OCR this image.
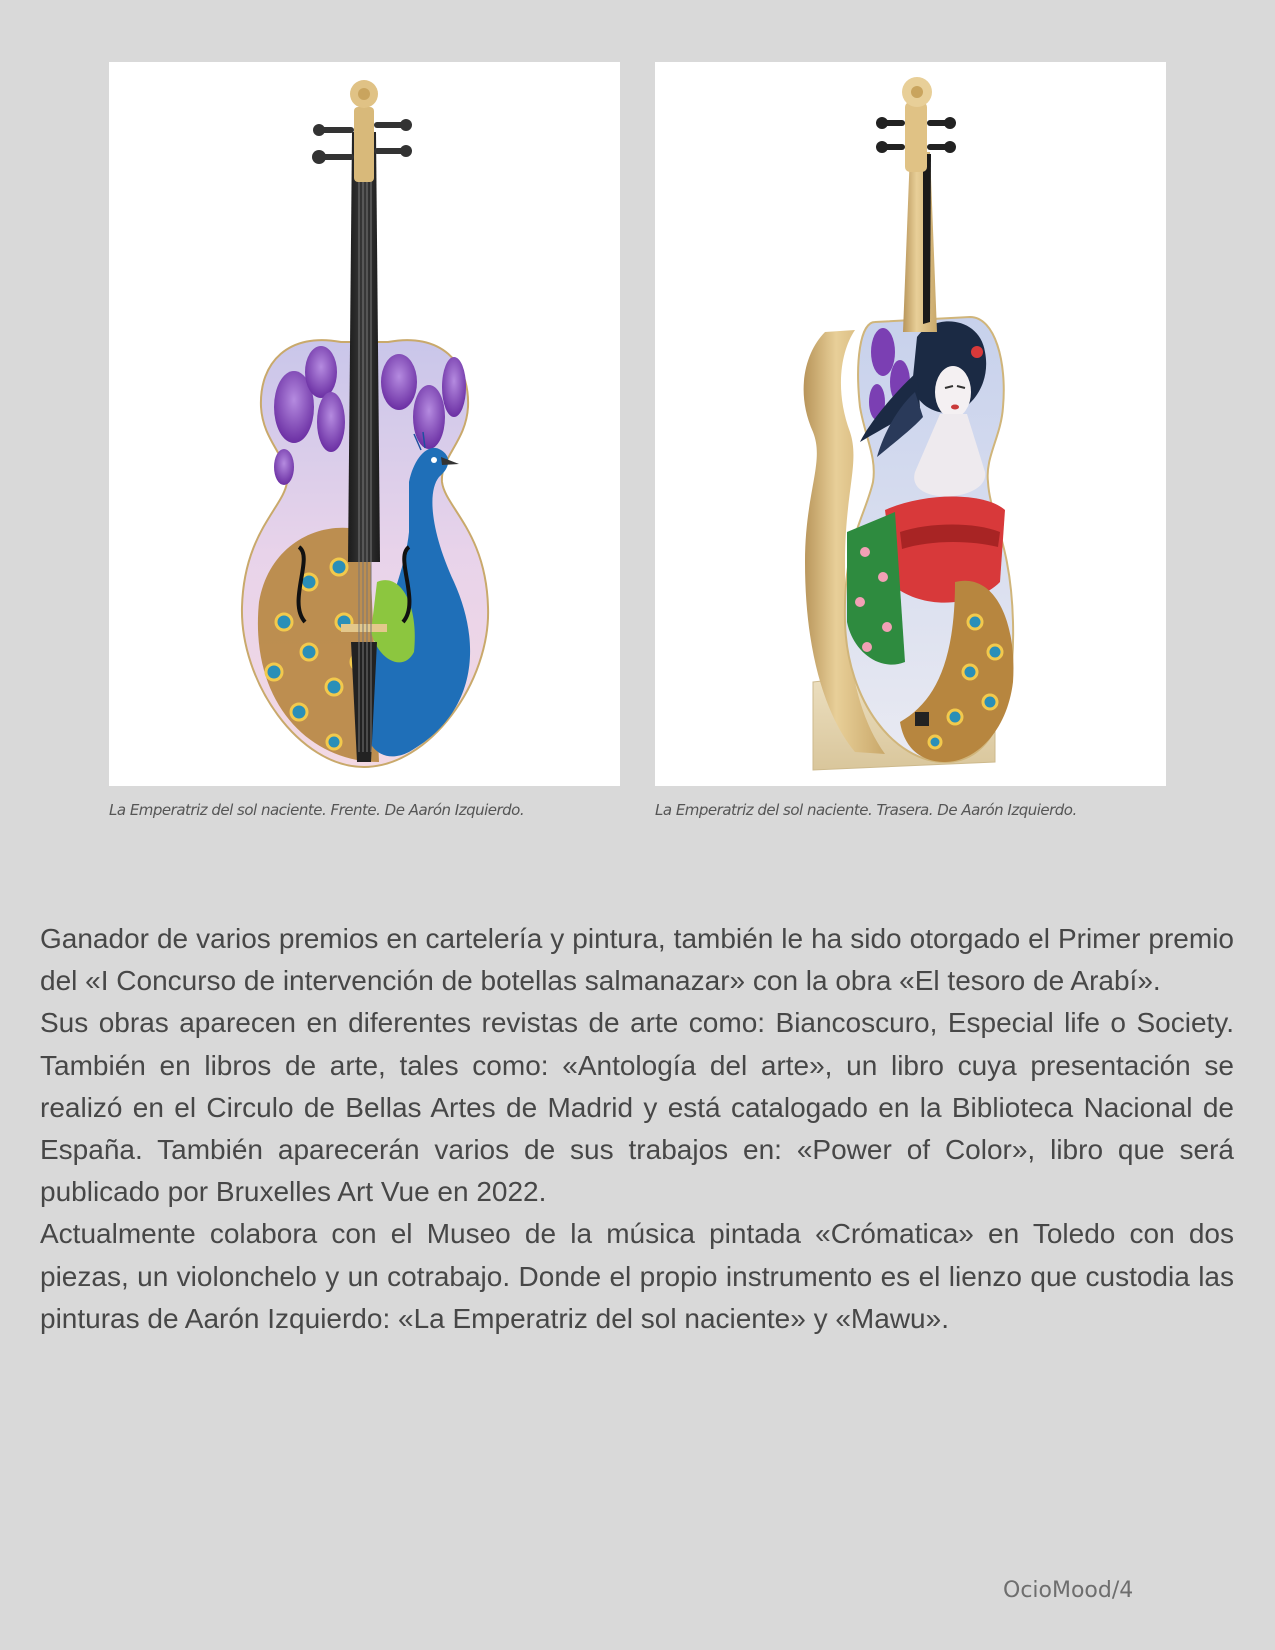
La Emperatriz del sol naciente. Frente. De Aarón Izquierdo.	La Emperatriz del sol naciente. Trasera. De Aarón Izquierdo.

Ganador de varios premios en cartelería y pintura, también le ha sido otorgado el Primer premio del «I Concurso de intervención de botellas salmanazar» con la obra «El tesoro de Arabí».

Sus obras aparecen en diferentes revistas de arte como: Biancoscuro, Especial life o Society. También en libros de arte, tales como: «Antología del arte», un libro cuya presentación se realizó en el Circulo de Bellas Artes de Madrid y está catalogado en la Biblioteca Nacional de España. También aparecerán varios de sus trabajos en: «Power of Color», libro que será publicado por Bruxelles Art Vue en 2022.

Actualmente colabora con el Museo de la música pintada «Crómatica» en Toledo con dos piezas, un violonchelo y un cotrabajo. Donde el propio instrumento es el lienzo que custodia las pinturas de Aarón Izquierdo: «La Emperatriz del sol naciente» y «Mawu».

OcioMood/4
